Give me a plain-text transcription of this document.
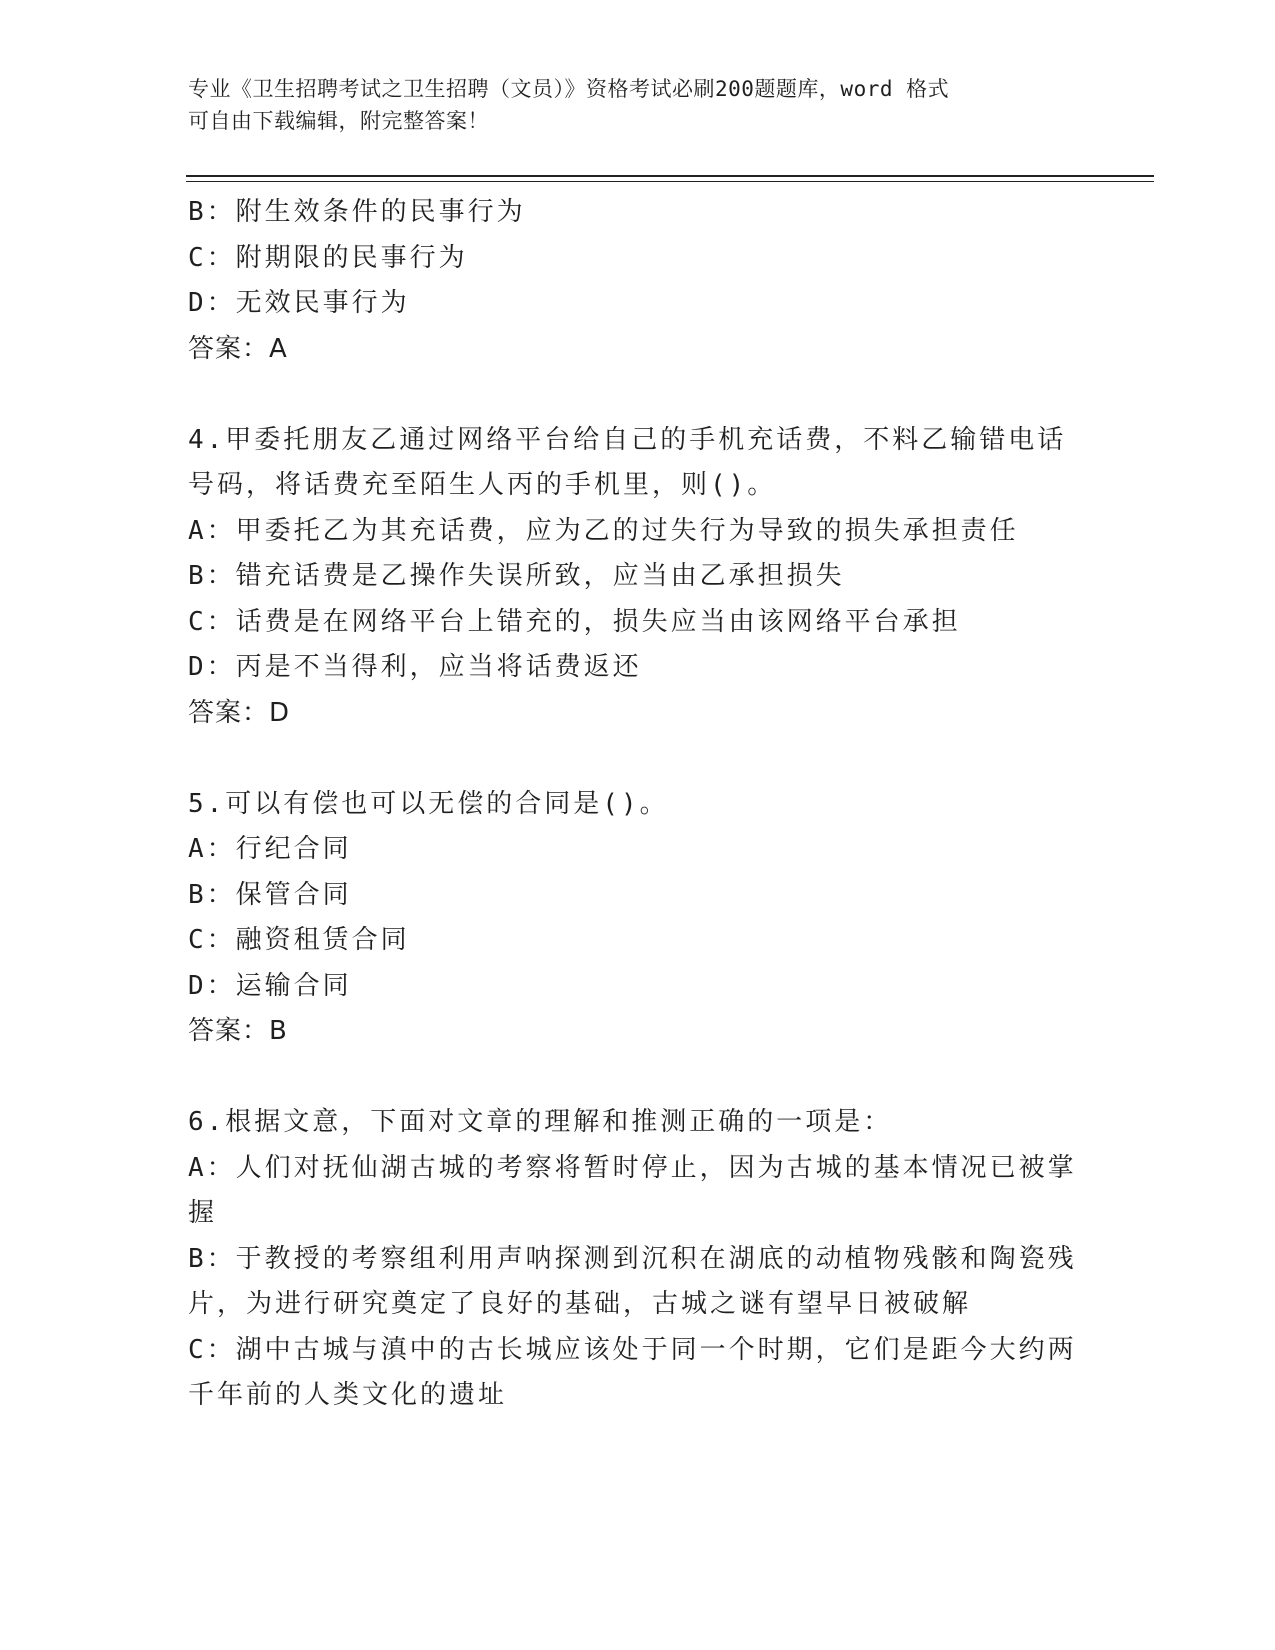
专业《卫生招聘考试之卫生招聘（文员）》资格考试必刷200题题库，word 格式
可自由下载编辑，附完整答案！
B：附生效条件的民事行为
C：附期限的民事行为
D：无效民事行为
答案：A
4.甲委托朋友乙通过网络平台给自己的手机充话费，不料乙输错电话
号码，将话费充至陌生人丙的手机里，则()。
A：甲委托乙为其充话费，应为乙的过失行为导致的损失承担责任
B：错充话费是乙操作失误所致，应当由乙承担损失
C：话费是在网络平台上错充的，损失应当由该网络平台承担
D：丙是不当得利，应当将话费返还
答案：D
5.可以有偿也可以无偿的合同是()。
A：行纪合同
B：保管合同
C：融资租赁合同
D：运输合同
答案：B
6.根据文意，下面对文章的理解和推测正确的一项是：
A：人们对抚仙湖古城的考察将暂时停止，因为古城的基本情况已被掌
握
B：于教授的考察组利用声呐探测到沉积在湖底的动植物残骸和陶瓷残
片，为进行研究奠定了良好的基础，古城之谜有望早日被破解
C：湖中古城与滇中的古长城应该处于同一个时期，它们是距今大约两
千年前的人类文化的遗址
